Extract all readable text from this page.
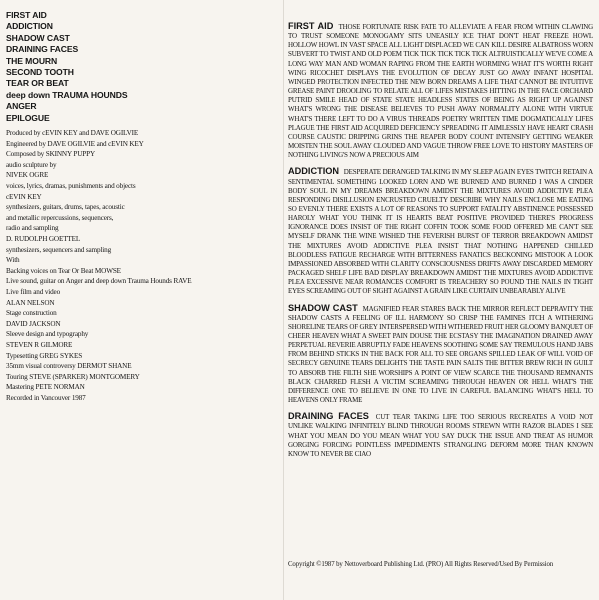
FIRST AID
ADDICTION
SHADOW CAST
DRAINING FACES
THE MOURN
SECOND TOOTH
TEAR OR BEAT
deep down TRAUMA HOUNDS
ANGER
EPILOGUE
Produced by cEVIN KEY and DAVE OGILVIE
Engineered by DAVE OGILVIE and cEVIN KEY
Composed by SKINNY PUPPY
audio sculpture by
NIVEK OGRE
voices, lyrics, dramas, punishments and objects
cEVIN KEY
synthesizers, guitars, drums, tapes, acoustic
and metallic repercussions, sequencers,
radio and sampling
D. RUDOLPH GOETTEL
synthesizers, sequencers and sampling
With
Backing voices on Tear Or Beat MOWSE
Live sound, guitar on Anger and deep down Trauma Hounds RAVE
Live film and video
ALAN NELSON
Stage construction
DAVID JACKSON
Sleeve design and typography
STEVEN R GILMORE
Typesetting GREG SYKES
35mm visual controversy DERMOT SHANE
Touring STEVE (SPARKER) MONTGOMERY
Mastering PETE NORMAN
Recorded in Vancouver 1987

FIRST AID THOSE FORTUNATE RISK FATE TO ALLEVIATE A FEAR FROM WITHIN CLAWING TO TRUST SOMEONE MONOGAMY SITS UNEASILY ICE THAT DON'T HEAT FREEZE HOWL HOLLOW HOWL IN VAST SPACE ALL LIGHT DISPLACED WE CAN KILL DESIRE ALBATROSS WORN SUBVERT TO TWIST AND OLD POEM TICK TICK TICK TICK TICK ALTRUISTICALLY WE'VE COME A LONG WAY MAN AND WOMAN RAPING FROM THE EARTH WORMING WHAT IT'S WORTH RIGHT WING RICOCHET DISPLAYS THE EVOLUTION OF DECAY JUST GO AWAY INFANT HOSPITAL WINGED PROTECTION INFECTED THE NEW BORN DREAMS A LIFE THAT CANNOT BE INTUITIVE GREASE PAINT DROOLING TO RELATE ALL OF LIFES MISTAKES HITTING IN THE FACE ORCHARD PUTRID SMILE HEAD OF STATE STATE HEADLESS STATES OF BEING AS RIGHT UP AGAINST WHAT'S WRONG THE DISEASE BELIEVES TO PUSH AWAY NORMALITY ALONE WITH VIRTUE WHAT'S THERE LEFT TO DO A VIRUS THREADS POETRY WRITTEN TIME DOGMATICALLY LIFES PLAGUE THE FIRST AID ACQUIRED DEFICIENCY SPREADING IT AIMLESSLY HAVE HEART CRASH COURSE CAUSTIC DRIPPING GRINS THE REAPER BODY COUNT INTENSIFY GETTING WEAKER MOISTEN THE SOUL AWAY CLOUDED AND VAGUE THROW FREE LOVE TO HISTORY MASTERS OF NOTHING LIVING'S NOW A PRECIOUS AIM

ADDICTION DESPERATE DERANGED TALKING IN MY SLEEP AGAIN EYES TWITCH RETAIN A SENTIMENTAL SOMETHING LOOKED LORN AND WE BURNED AND BURNED I WAS A CINDER BODY SOUL IN MY DREAMS BREAKDOWN AMIDST THE MIXTURES AVOID ADDICTIVE PLEA RESPONDING DISILLUSION ENCRUSTED CRUELTY DESCRIBE WHY NAILS ENCLOSE ME EATING SO EVENLY THERE EXISTS A LOT OF REASONS TO SUPPORT FATALITY ABSTINENCE POSSESSED HAROLY WHAT YOU THINK IT IS HEARTS BEAT POSITIVE PROVIDED THERE'S PROGRESS IGNORANCE DOES INSIST OF THE RIGHT COFFIN TOOK SOME FOOD OFFERED ME CAN'T SEE MYSELF DRANK THE WINE WISHED THE FEVERISH BURST OF TERROR BREAKDOWN AMIDST THE MIXTURES AVOID ADDICTIVE PLEA INSIST THAT NOTHING HAPPENED CHILLED BLOODLESS FATIGUE RECHARGE WITH BITTERNESS FANATICS BECKONING MISTOOK A LOOK IMPASSIONED ABSORBED WITH CLARITY CONSCIOUSNESS DRIFTS AWAY DISCARDED MEMORY PACKAGED SHELF LIFE BAD DISPLAY BREAKDOWN AMIDST THE MIXTURES AVOID ADDICTIVE PLEA EXCESSIVE NEAR ROMANCES COMFORT IS TREACHERY SO POUND THE NAILS IN TIGHT EYES SCREAMING OUT OF SIGHT AGAINST A GRAIN LIKE CURTAIN UNBEARABLY ALIVE

SHADOW CAST MAGNIFIED FEAR STARES BACK THE MIRROR REFLECT DEPRAVITY THE SHADOW CASTS A FEELING OF ILL HARMONY SO CRISP THE FAMINES ITCH A WITHERING SHORELINE TEARS OF GREY INTERSPERSED WITH WITHERED FRUIT HER GLOOMY BANQUET OF CHEER HEAVEN WHAT A SWEET PAIN DOUSE THE ECSTASY THE IMAGINATION DRAINED AWAY PERPETUAL REVERIE ABRUPTLY FADE HEAVENS SOOTHING SOME SAY TREMULOUS HAND JABS FROM BEHIND STICKS IN THE BACK FOR ALL TO SEE ORGANS SPILLED LEAK OF WILL VOID OF SECRECY GENUINE TEARS DELIGHTS THE TASTE PAIN SALTS THE BITTER BREW RICH IN GUILT TO ABSORB THE FILTH SHE WORSHIPS A POINT OF VIEW SCARCE THE THOUSAND REMNANTS BLACK CHARRED FLESH A VICTIM SCREAMING THROUGH HEAVEN OR HELL WHAT'S THE DIFFERENCE ONE TO BELIEVE IN ONE TO LIVE IN CAREFUL BALANCING WHAT'S HELL TO HEAVENS ONLY FRAME

DRAINING FACES CUT TEAR TAKING LIFE TOO SERIOUS RECREATES A VOID NOT UNLIKE WALKING INFINITELY BLIND THROUGH ROOMS STREWN WITH RAZOR BLADES I SEE WHAT YOU MEAN DO YOU MEAN WHAT YOU SAY DUCK THE ISSUE AND TREAT AS HUMOR GORGING FORCING POINTLESS IMPEDIMENTS STRANGLING DEFORM MORE THAN KNOWN KNOW TO NEVER BE CIAO

Copyright ©1987 by Nettoverboard Publishing Ltd. (PRO) All Rights Reserved/Used By Permission
